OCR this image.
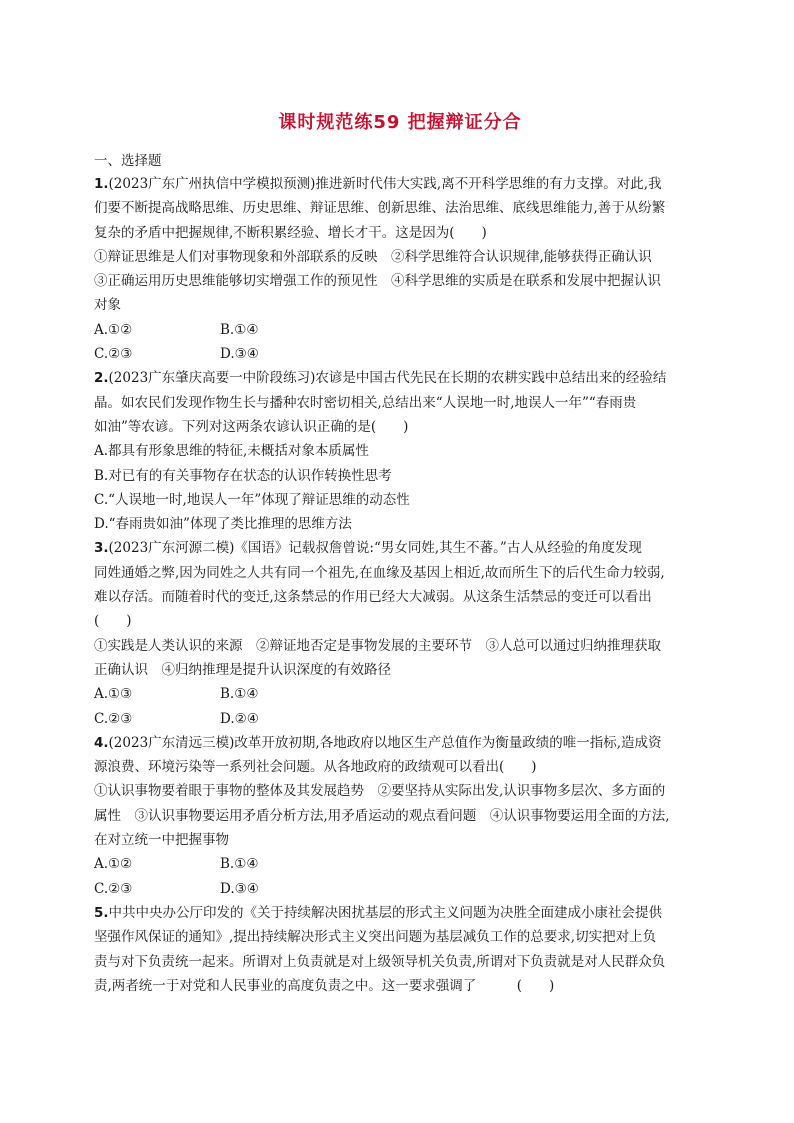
课时规范练59 把握辩证分合
一、选择题

1.(2023广东广州执信中学模拟预测)推进新时代伟大实践,离不开科学思维的有力支撑。对此,我

们要不断提高战略思维、历史思维、辩证思维、创新思维、法治思维、底线思维能力,善于从纷繁

复杂的矛盾中把握规律,不断积累经验、增长才干。这是因为(　　)

①辩证思维是人们对事物现象和外部联系的反映　②科学思维符合认识规律,能够获得正确认识

③正确运用历史思维能够切实增强工作的预见性　④科学思维的实质是在联系和发展中把握认识

对象

A.①②	B.①④
C.②③	D.③④

2.(2023广东肇庆高要一中阶段练习)农谚是中国古代先民在长期的农耕实践中总结出来的经验结

晶。如农民们发现作物生长与播种农时密切相关,总结出来“人误地一时,地误人一年”“春雨贵

如油”等农谚。下列对这两条农谚认识正确的是(　　)

A.都具有形象思维的特征,未概括对象本质属性

B.对已有的有关事物存在状态的认识作转换性思考

C.“人误地一时,地误人一年”体现了辩证思维的动态性

D.“春雨贵如油”体现了类比推理的思维方法

3.(2023广东河源二模)《国语》记载叔詹曾说:“男女同姓,其生不蕃。”古人从经验的角度发现

同姓通婚之弊,因为同姓之人共有同一个祖先,在血缘及基因上相近,故而所生下的后代生命力较弱,

难以存活。而随着时代的变迁,这条禁忌的作用已经大大减弱。从这条生活禁忌的变迁可以看出

(　　)

①实践是人类认识的来源　②辩证地否定是事物发展的主要环节　③人总可以通过归纳推理获取

正确认识　④归纳推理是提升认识深度的有效路径

A.①③	B.①④
C.②③	D.②④

4.(2023广东清远三模)改革开放初期,各地政府以地区生产总值作为衡量政绩的唯一指标,造成资

源浪费、环境污染等一系列社会问题。从各地政府的政绩观可以看出(　　)

①认识事物要着眼于事物的整体及其发展趋势　②要坚持从实际出发,认识事物多层次、多方面的

属性　③认识事物要运用矛盾分析方法,用矛盾运动的观点看问题　④认识事物要运用全面的方法,

在对立统一中把握事物

A.①②	B.①④
C.②③	D.③④

5.中共中央办公厅印发的《关于持续解决困扰基层的形式主义问题为决胜全面建成小康社会提供

坚强作风保证的通知》,提出持续解决形式主义突出问题为基层减负工作的总要求,切实把对上负

责与对下负责统一起来。所谓对上负责就是对上级领导机关负责,所谓对下负责就是对人民群众负

责,两者统一于对党和人民事业的高度负责之中。这一要求强调了　　　(　　)
